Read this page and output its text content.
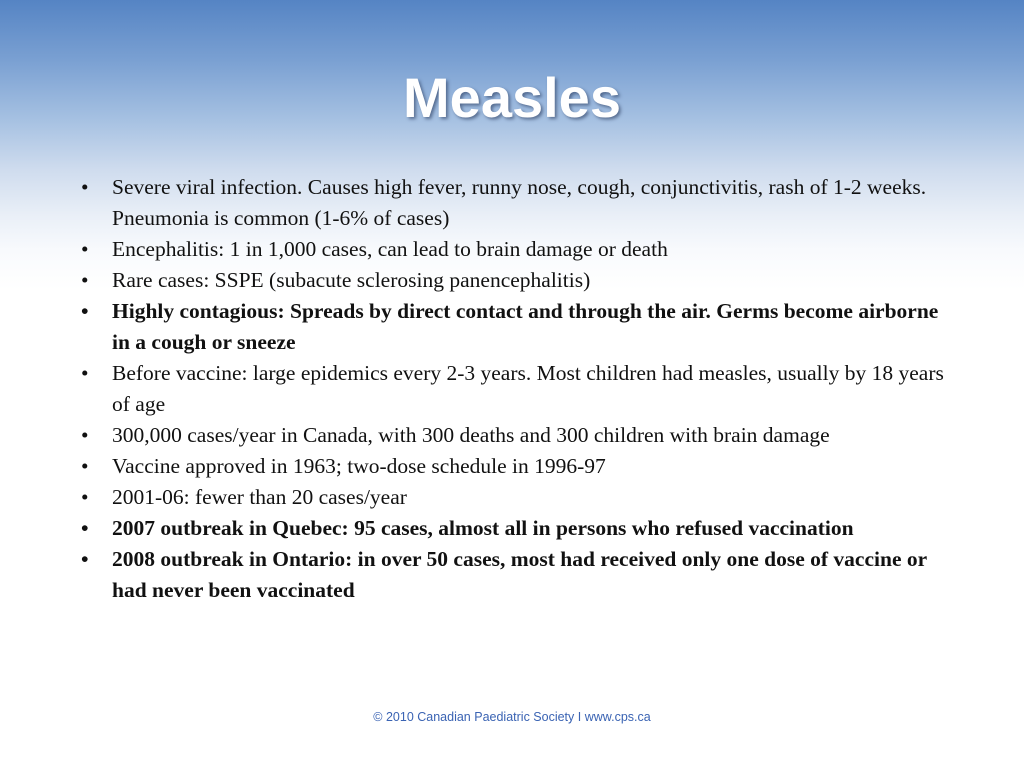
Measles
• Severe viral infection. Causes high fever, runny nose, cough, conjunctivitis, rash of 1-2 weeks. Pneumonia is common (1-6% of cases)
• Encephalitis: 1 in 1,000 cases, can lead to brain damage or death
• Rare cases: SSPE (subacute sclerosing panencephalitis)
• Highly contagious: Spreads by direct contact and through the air. Germs become airborne in a cough or sneeze
• Before vaccine: large epidemics every 2-3 years. Most children had measles, usually by 18 years of age
• 300,000 cases/year in Canada, with 300 deaths and 300 children with brain damage
• Vaccine approved in 1963; two-dose schedule in 1996-97
• 2001-06: fewer than 20 cases/year
• 2007 outbreak in Quebec: 95 cases, almost all in persons who refused vaccination
• 2008 outbreak in Ontario: in over 50 cases, most had received only one dose of vaccine or had never been vaccinated
© 2010 Canadian Paediatric Society I www.cps.ca
